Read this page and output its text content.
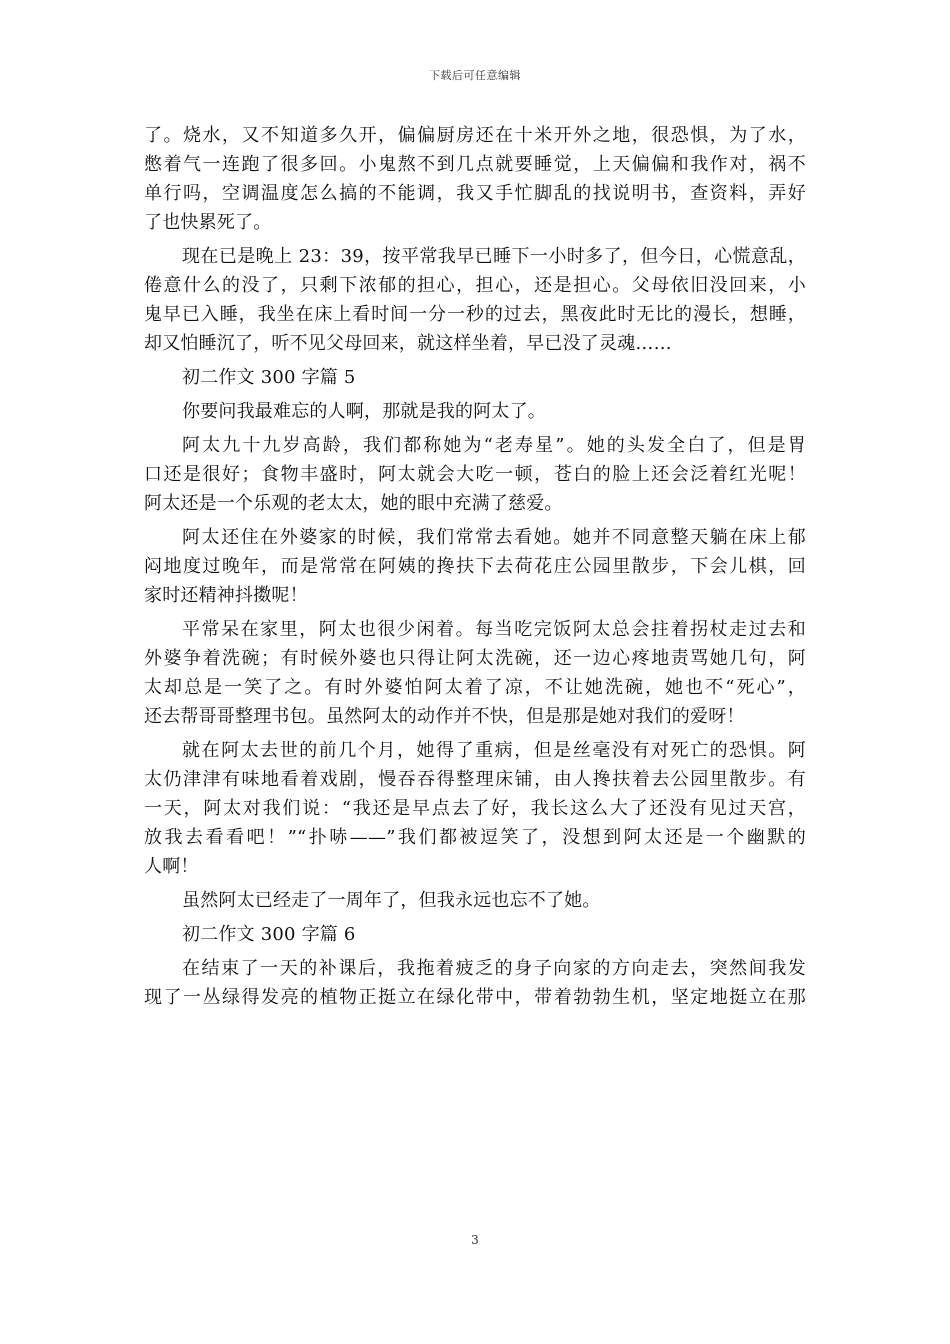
下载后可任意编辑
了。烧水，又不知道多久开，偏偏厨房还在十米开外之地，很恐惧，为了水，
憋着气一连跑了很多回。小鬼熬不到几点就要睡觉，上天偏偏和我作对，祸不
单行吗，空调温度怎么搞的不能调，我又手忙脚乱的找说明书，查资料，弄好
了也快累死了。
现在已是晚上 23：39，按平常我早已睡下一小时多了，但今日，心慌意乱，
倦意什么的没了，只剩下浓郁的担心，担心，还是担心。父母依旧没回来，小
鬼早已入睡，我坐在床上看时间一分一秒的过去，黑夜此时无比的漫长，想睡，
却又怕睡沉了，听不见父母回来，就这样坐着，早已没了灵魂……
初二作文 300 字篇 5
你要问我最难忘的人啊，那就是我的阿太了。
阿太九十九岁高龄，我们都称她为“老寿星”。她的头发全白了，但是胃
口还是很好；食物丰盛时，阿太就会大吃一顿，苍白的脸上还会泛着红光呢！
阿太还是一个乐观的老太太，她的眼中充满了慈爱。
阿太还住在外婆家的时候，我们常常去看她。她并不同意整天躺在床上郁
闷地度过晚年，而是常常在阿姨的搀扶下去荷花庄公园里散步，下会儿棋，回
家时还精神抖擞呢！
平常呆在家里，阿太也很少闲着。每当吃完饭阿太总会拄着拐杖走过去和
外婆争着洗碗；有时候外婆也只得让阿太洗碗，还一边心疼地责骂她几句，阿
太却总是一笑了之。有时外婆怕阿太着了凉，不让她洗碗，她也不“死心”，
还去帮哥哥整理书包。虽然阿太的动作并不快，但是那是她对我们的爱呀！
就在阿太去世的前几个月，她得了重病，但是丝毫没有对死亡的恐惧。阿
太仍津津有味地看着戏剧，慢吞吞得整理床铺，由人搀扶着去公园里散步。有
一天，阿太对我们说：“我还是早点去了好，我长这么大了还没有见过天宫，
放我去看看吧！”“扑哧——”我们都被逗笑了，没想到阿太还是一个幽默的
人啊！
虽然阿太已经走了一周年了，但我永远也忘不了她。
初二作文 300 字篇 6
在结束了一天的补课后，我拖着疲乏的身子向家的方向走去，突然间我发
现了一丛绿得发亮的植物正挺立在绿化带中，带着勃勃生机，坚定地挺立在那
3
